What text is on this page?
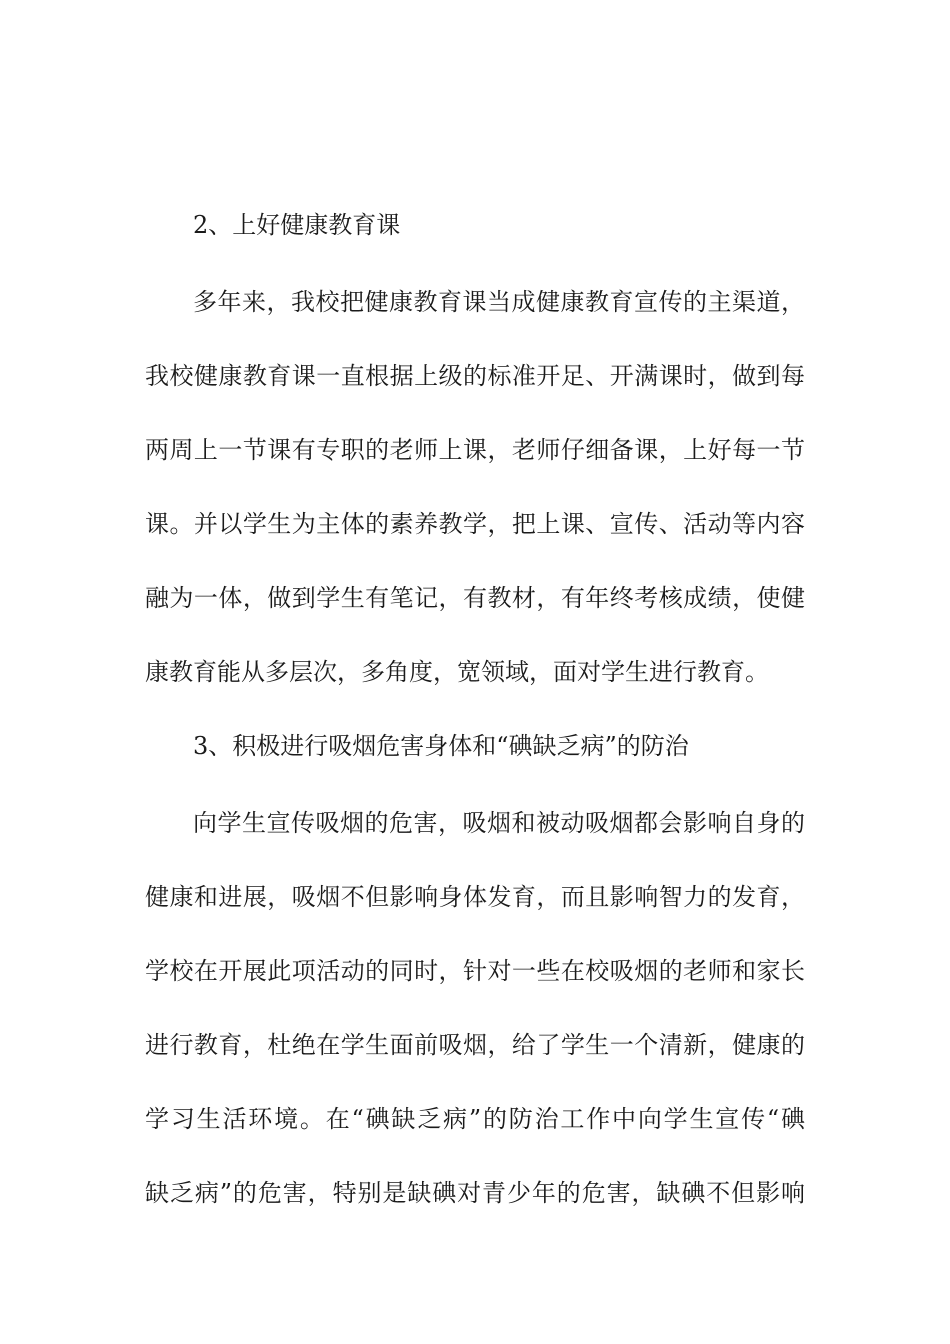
2、上好健康教育课
多年来，我校把健康教育课当成健康教育宣传的主渠道，
我校健康教育课一直根据上级的标准开足、开满课时，做到每
两周上一节课有专职的老师上课，老师仔细备课，上好每一节
课。并以学生为主体的素养教学，把上课、宣传、活动等内容
融为一体，做到学生有笔记，有教材，有年终考核成绩，使健
康教育能从多层次，多角度，宽领域，面对学生进行教育。
3、积极进行吸烟危害身体和“碘缺乏病”的防治
向学生宣传吸烟的危害，吸烟和被动吸烟都会影响自身的
健康和进展，吸烟不但影响身体发育，而且影响智力的发育，
学校在开展此项活动的同时，针对一些在校吸烟的老师和家长
进行教育，杜绝在学生面前吸烟，给了学生一个清新，健康的
学习生活环境。在“碘缺乏病”的防治工作中向学生宣传“碘
缺乏病”的危害，特别是缺碘对青少年的危害，缺碘不但影响
